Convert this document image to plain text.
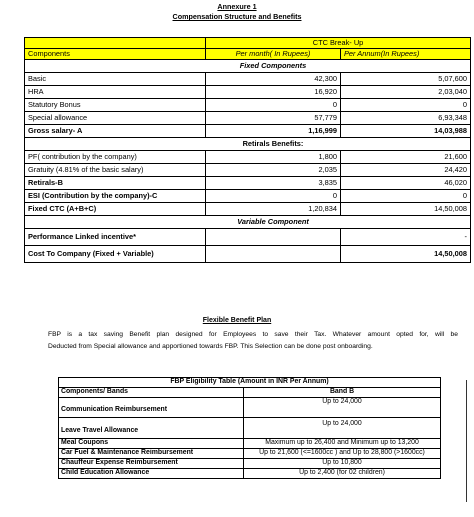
Annexure 1
Compensation Structure and Benefits
	CTC Break- Up	
Components	Per month( In Rupees)	Per Annum(In Rupees)
	Fixed Components	
Basic	42,300	5,07,600
HRA	16,920	2,03,040
Statutory Bonus	0	0
Special allowance	57,779	6,93,348
Gross salary- A	1,16,999	14,03,988
	Retirals Benefits:	
PF( contribution by the company)	1,800	21,600
Gratuity (4.81% of the basic salary)	2,035	24,420
Retirals-B	3,835	46,020
ESI (Contribution by the company)-C	0	0
Fixed CTC (A+B+C)	1,20,834	14,50,008
	Variable Component	
Performance Linked incentive*		-
Cost To Company (Fixed + Variable)		14,50,008
Flexible Benefit Plan
FBP is a tax saving Benefit plan designed for Employees to save their Tax. Whatever amount opted for, will be
Deducted from Special allowance and apportioned towards FBP. This Selection can be done post onboarding.
FBP Eligibility Table (Amount in INR Per Annum)	
Components/ Bands	Band B
Communication Reimbursement	Up to 24,000
Leave Travel Allowance	Up to 24,000
Meal Coupons	Maximum up to 26,400 and Minimum up to 13,200
Car Fuel & Maintenance Reimbursement	Up to 21,600 (<=1600cc ) and Up to 28,800 (>1600cc)
Chauffeur Expense Reimbursement	Up to 10,800
Child Education Allowance	Up to 2,400 (for 02 children)
